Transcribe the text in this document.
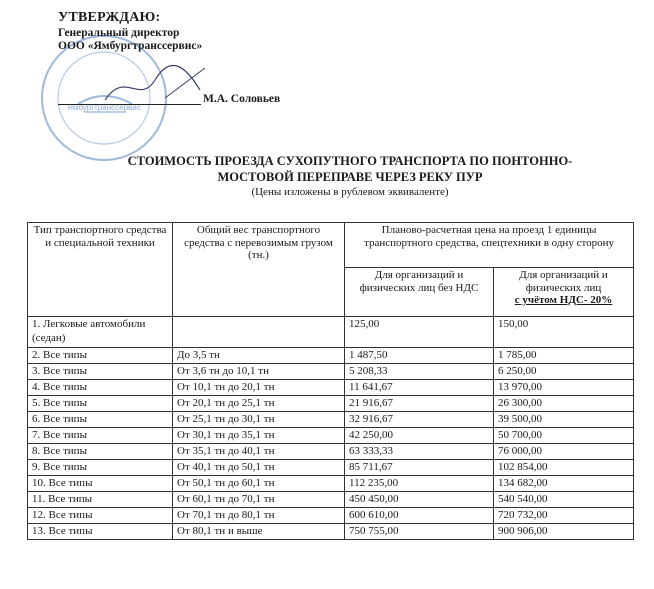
Ямбургтранссервис
УТВЕРЖДАЮ:
Генеральный директор
ООО «Ямбургтрансcервис»
М.А. Соловьев
СТОИМОСТЬ ПРОЕЗДА СУХОПУТНОГО ТРАНСПОРТА ПО ПОНТОННО-
МОСТОВОЙ ПЕРЕПРАВЕ ЧЕРЕЗ РЕКУ ПУР
(Цены изложены в рублевом эквиваленте)
Тип транспортного средства и специальной техники	Общий вес транспортного средства с перевозимым грузом (тн.)	Планово-расчетная цена на проезд 1 единицы транспортного средства, спецтехники в одну сторону	
		Для организаций и физических лиц без НДС	Для организаций и физических лиц
с учётом НДС- 20%
1. Легковые автомобили (седан)		125,00	150,00
2. Все типы	До 3,5 тн	1 487,50	1 785,00
3. Все типы	От 3,6 тн до 10,1 тн	5 208,33	6 250,00
4. Все типы	От 10,1 тн до 20,1 тн	11 641,67	13 970,00
5. Все типы	От 20,1 тн до 25,1 тн	21 916,67	26 300,00
6. Все типы	От 25,1 тн до 30,1 тн	32 916,67	39 500,00
7. Все типы	От 30,1 тн до 35,1 тн	42 250,00	50 700,00
8. Все типы	От 35,1 тн до 40,1 тн	63 333,33	76 000,00
9. Все типы	От 40,1 тн до 50,1 тн	85 711,67	102 854,00
10. Все типы	От 50,1 тн до 60,1 тн	112 235,00	134 682,00
11. Все типы	От 60,1 тн до 70,1 тн	450 450,00	540 540,00
12. Все типы	От 70,1 тн до 80,1 тн	600 610,00	720 732,00
13. Все типы	От 80,1 тн и выше	750 755,00	900 906,00
